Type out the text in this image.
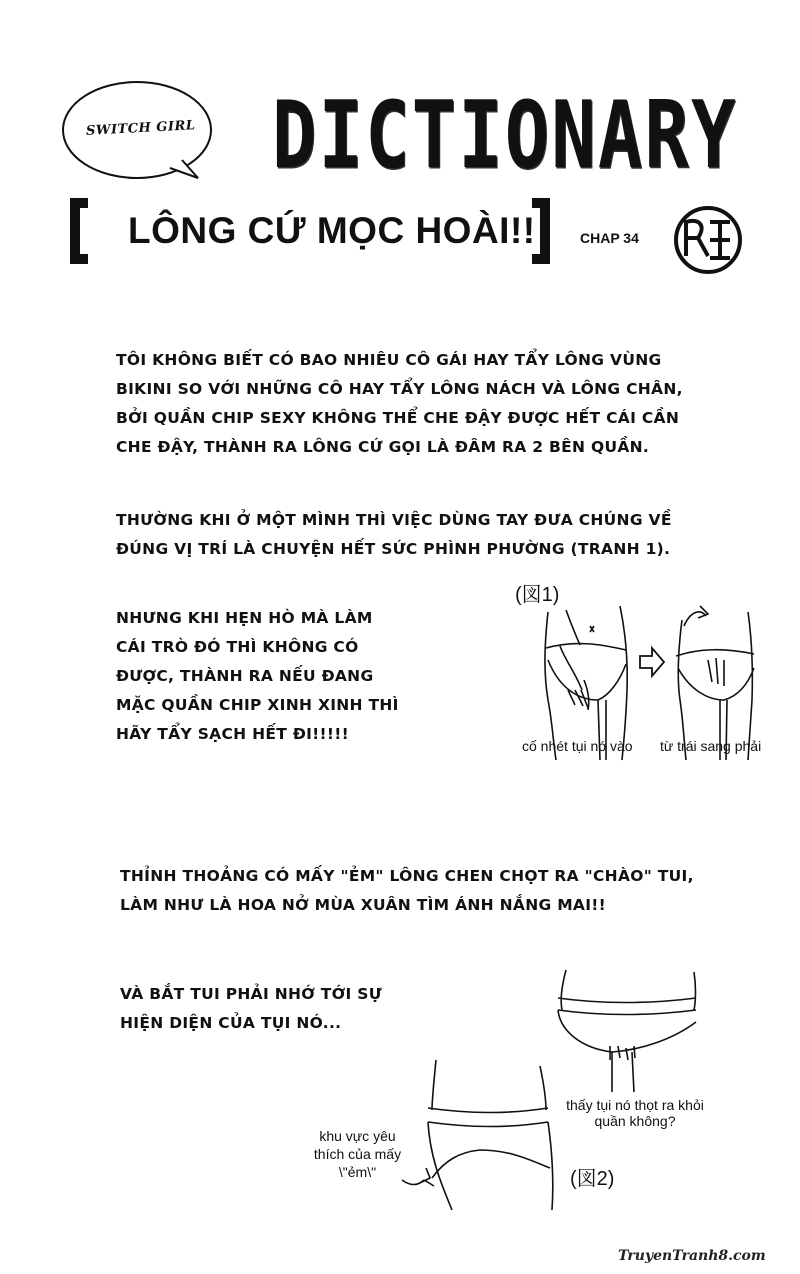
SWITCH GIRL DICTIONARY
LÔNG CỨ MỌC HOÀI!!	CHAP 34
TÔI KHÔNG BIẾT CÓ BAO NHIÊU CÔ GÁI HAY TẨY LÔNG VÙNG BIKINI SO VỚI NHỮNG CÔ HAY TẨY LÔNG NÁCH VÀ LÔNG CHÂN, BỞI QUẦN CHIP SEXY KHÔNG THỂ CHE ĐẬY ĐƯỢC HẾT CÁI CẦN CHE ĐẬY, THÀNH RA LÔNG CỨ GỌI LÀ ĐÂM RA 2 BÊN QUẦN.
THƯỜNG KHI Ở MỘT MÌNH THÌ VIỆC DÙNG TAY ĐƯA CHÚNG VỀ ĐÚNG VỊ TRÍ LÀ CHUYỆN HẾT SỨC PHÌNH PHƯỜNG (TRANH 1).
NHƯNG KHI HẸN HÒ MÀ LÀM CÁI TRÒ ĐÓ THÌ KHÔNG CÓ ĐƯỢC, THÀNH RA NẾU ĐANG MẶC QUẦN CHIP XINH XINH THÌ HÃY TẨY SẠCH HẾT ĐI!!!!!
(図1)
cố nhét tụi nó vào từ trái sang phải
THỈNH THOẢNG CÓ MẤY "ẺM" LÔNG CHEN CHỌT RA "CHÀO" TUI, LÀM NHƯ LÀ HOA NỞ MÙA XUÂN TÌM ÁNH NẮNG MAI!!
VÀ BẮT TUI PHẢI NHỚ TỚI SỰ HIỆN DIỆN CỦA TỤI NÓ...
thấy tụi nó thọt ra khỏi quần không?
khu vực yêu thích của mấy \"ẻm\"	(図2)
TruyenTranh8.com
